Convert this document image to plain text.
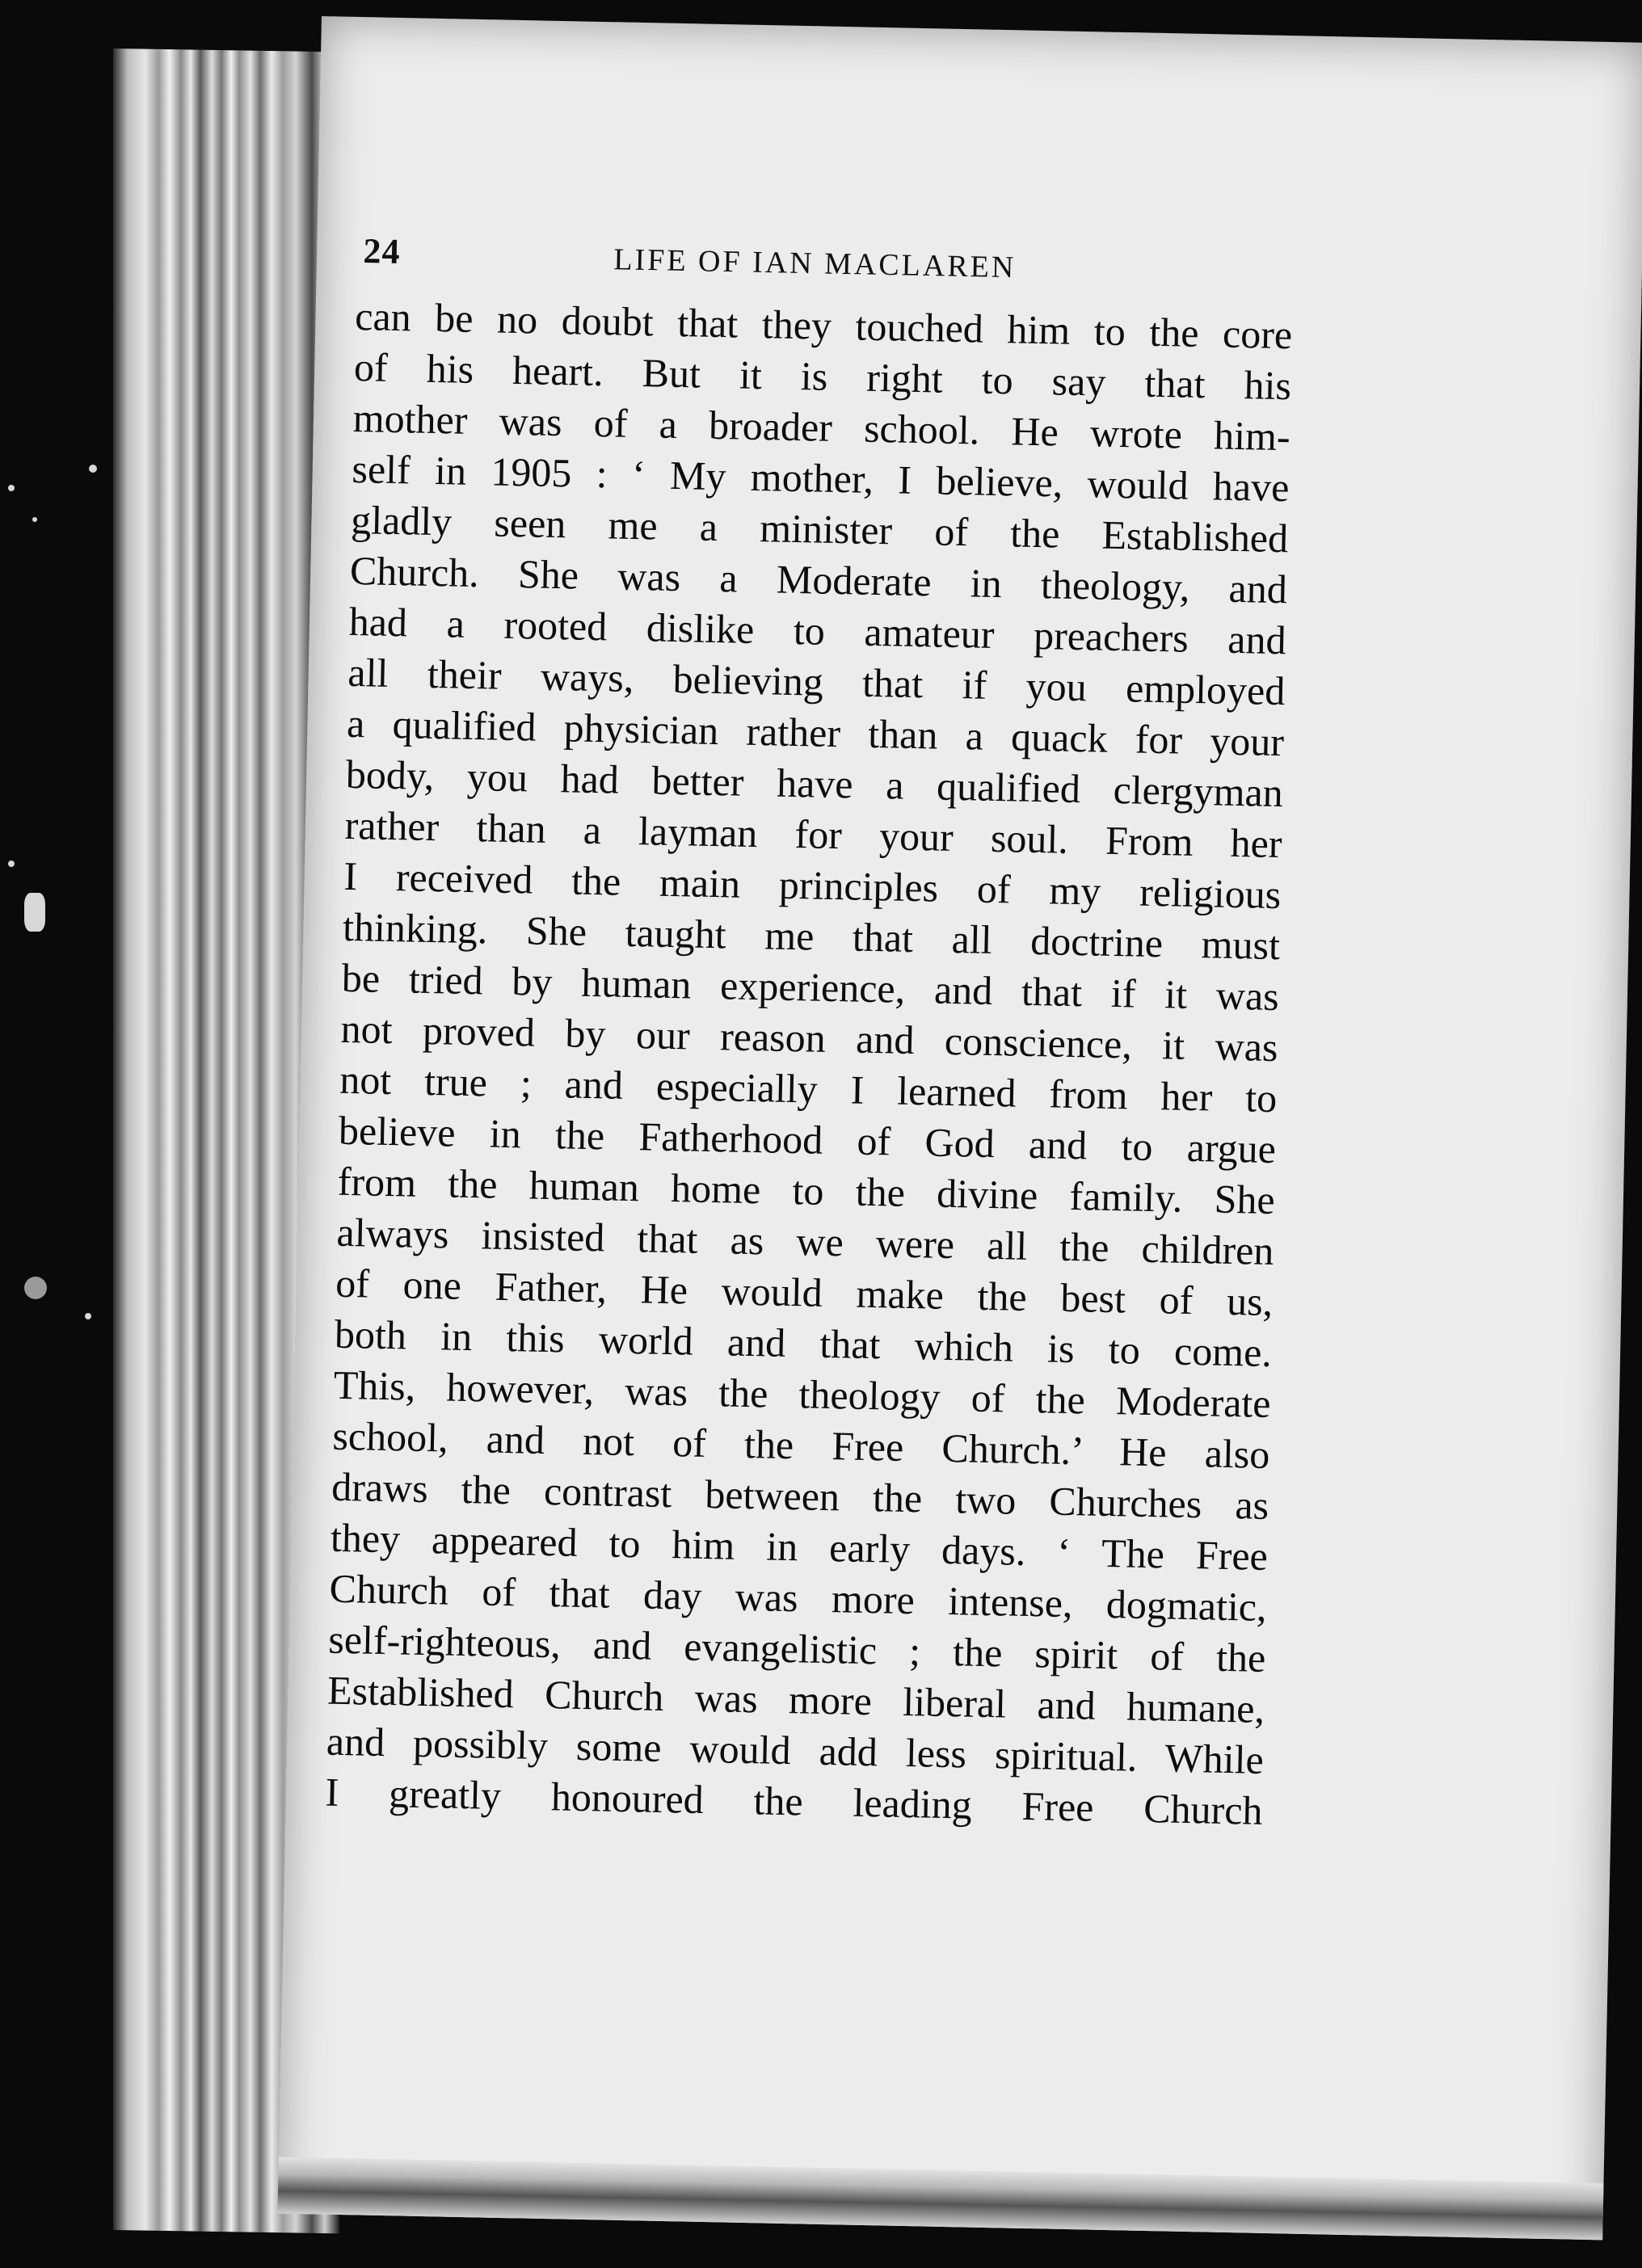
24	LIFE OF IAN MACLAREN
can be no doubt that they touched him to the core
of his heart. But it is right to say that his
mother was of a broader school. He wrote him-
self in 1905 : ‘ My mother, I believe, would have
gladly seen me a minister of the Established
Church. She was a Moderate in theology, and
had a rooted dislike to amateur preachers and
all their ways, believing that if you employed
a qualified physician rather than a quack for your
body, you had better have a qualified clergyman
rather than a layman for your soul. From her
I received the main principles of my religious
thinking. She taught me that all doctrine must
be tried by human experience, and that if it was
not proved by our reason and conscience, it was
not true ; and especially I learned from her to
believe in the Fatherhood of God and to argue
from the human home to the divine family. She
always insisted that as we were all the children
of one Father, He would make the best of us,
both in this world and that which is to come.
This, however, was the theology of the Moderate
school, and not of the Free Church.’ He also
draws the contrast between the two Churches as
they appeared to him in early days. ‘ The Free
Church of that day was more intense, dogmatic,
self-righteous, and evangelistic ; the spirit of the
Established Church was more liberal and humane,
and possibly some would add less spiritual. While
I greatly honoured the leading Free Church
